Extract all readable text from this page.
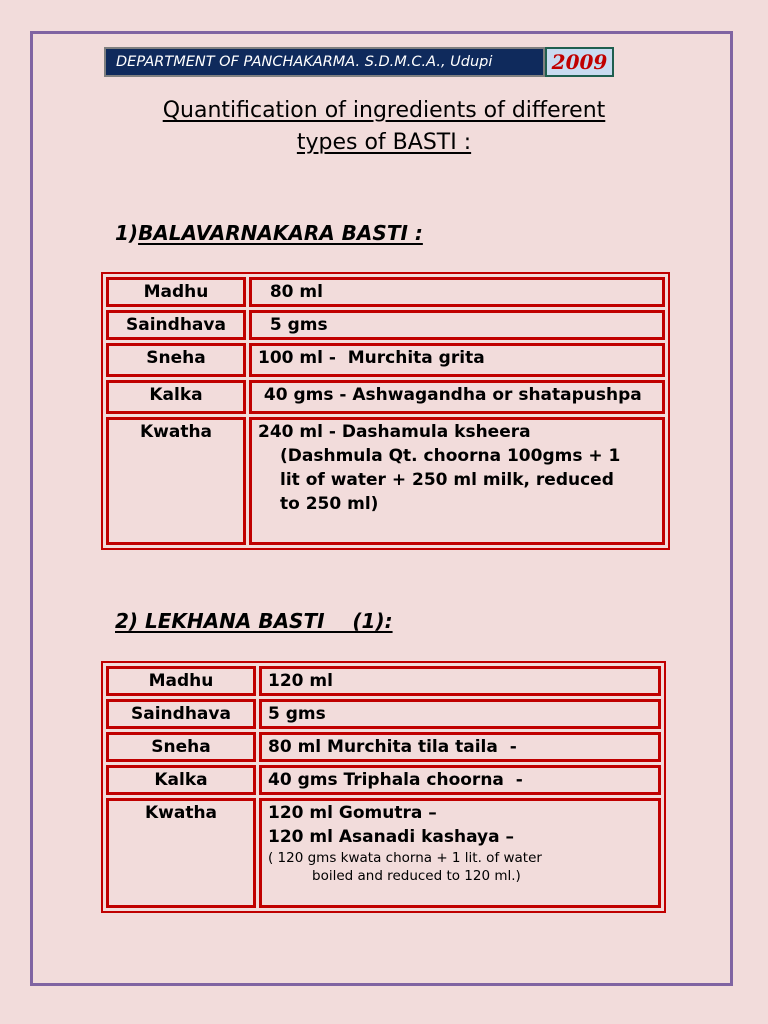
DEPARTMENT OF PANCHAKARMA. S.D.M.C.A., Udupi	2009
Quantification of ingredients of different
types of BASTI :
1)BALAVARNAKARA BASTI :
Madhu	80 ml
Saindhava	5 gms
Sneha	100 ml -  Murchita grita
Kalka	40 gms - Ashwagandha or shatapushpa
Kwatha	240 ml - Dashamula ksheera
(Dashmula Qt. choorna 100gms + 1
lit of water + 250 ml milk, reduced
to 250 ml)
2) LEKHANA BASTI    (1):
Madhu	120 ml
Saindhava	5 gms
Sneha	80 ml Murchita tila taila  -
Kalka	40 gms Triphala choorna  -
Kwatha	120 ml Gomutra –
120 ml Asanadi kashaya –
( 120 gms kwata chorna + 1 lit. of water
boiled and reduced to 120 ml.)
